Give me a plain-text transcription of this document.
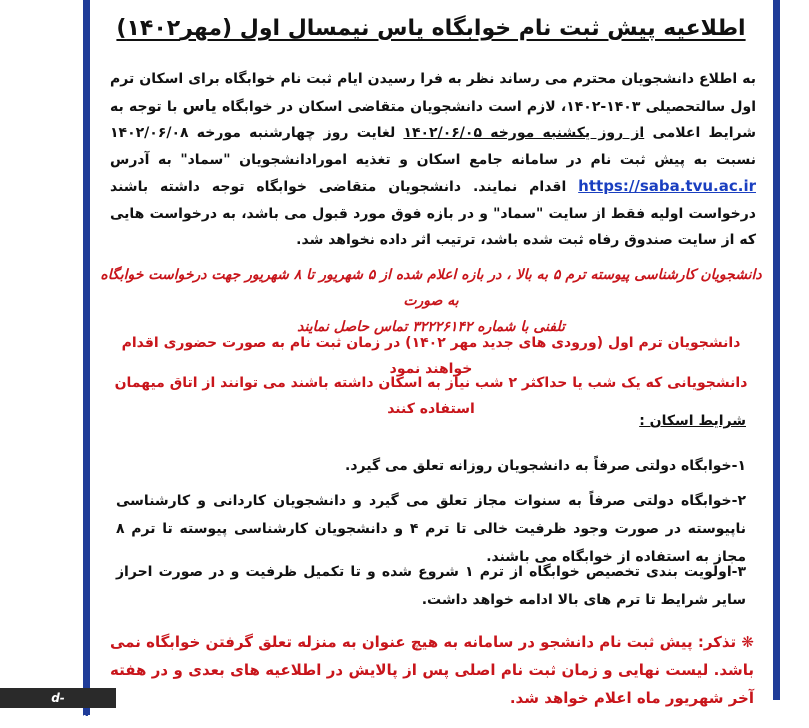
اطلاعیه پیش ثبت نام خوابگاه یاس نیمسال اول (مهر۱۴۰۲)
به اطلاع دانشجویان محترم می رساند نظر به فرا رسیدن ایام ثبت نام خوابگاه برای اسکان ترم اول سالتحصیلی ۱۴۰۳-۱۴۰۲، لازم است دانشجویان متقاضی اسکان در خوابگاه یاس با توجه به شرایط اعلامی از روز یکشنبه مورخه ۱۴۰۲/۰۶/۰۵ لغایت روز چهارشنبه مورخه ۱۴۰۲/۰۶/۰۸ نسبت به پیش ثبت نام در سامانه جامع اسکان و تغذیه امورادانشجویان "سماد" به آدرس https://saba.tvu.ac.ir اقدام نمایند. دانشجویان متقاضی خوابگاه توجه داشته باشند درخواست اولیه فقط از سایت "سماد" و در بازه فوق مورد قبول می باشد، به درخواست هایی که از سایت صندوق رفاه ثبت شده باشد، ترتیب اثر داده نخواهد شد.
دانشجویان کارشناسی پیوسته ترم ۵ به بالا ، در بازه اعلام شده از ۵ شهریور تا ۸ شهریور جهت درخواست خوابگاه به صورت
تلفنی با شماره ۳۲۲۲۶۱۴۲ تماس حاصل نمایند
دانشجویان ترم اول (ورودی های جدید مهر ۱۴۰۲) در زمان ثبت نام به صورت حضوری اقدام خواهند نمود
دانشجویانی که یک شب یا حداکثر ۲ شب نیاز به اسکان داشته باشند می توانند از اتاق میهمان استفاده کنند
شرایط اسکان :
۱-خوابگاه دولتی صرفاً به دانشجویان روزانه تعلق می گیرد.
۲-خوابگاه دولتی صرفاً به سنوات مجاز تعلق می گیرد و دانشجویان کاردانی و کارشناسی ناپیوسته در صورت وجود ظرفیت خالی تا ترم ۴ و دانشجویان کارشناسی پیوسته تا ترم ۸ مجاز به استفاده از خوابگاه می باشند.
۳-اولویت بندی تخصیص خوابگاه از ترم ۱ شروع شده و تا تکمیل ظرفیت و در صورت احراز سایر شرایط تا ترم های بالا ادامه خواهد داشت.
❋ تذکر: پیش ثبت نام دانشجو در سامانه به هیچ عنوان به منزله تعلق گرفتن خوابگاه نمی باشد. لیست نهایی و زمان ثبت نام اصلی پس از پالایش در اطلاعیه های بعدی و در هفته آخر شهریور ماه اعلام خواهد شد.
d-orumiyeh.tvu.ac.ir
